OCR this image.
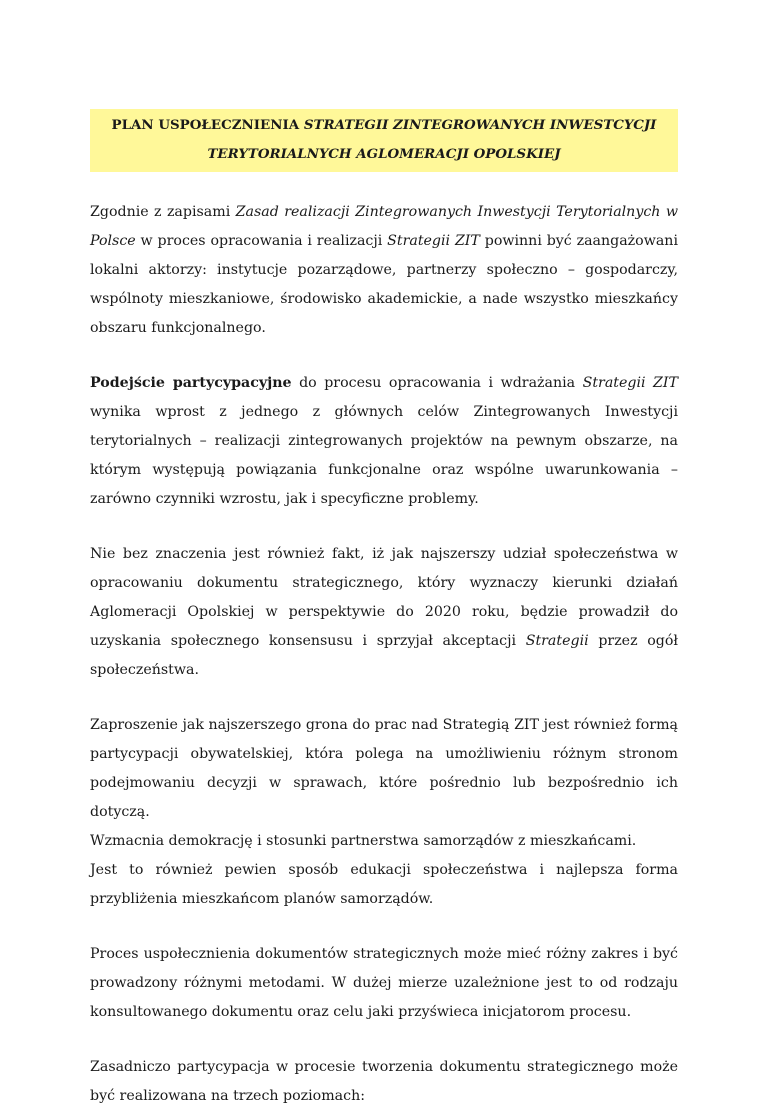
PLAN USPOŁECZNIENIA STRATEGII ZINTEGROWANYCH INWESTCYCJI
TERYTORIALNYCH AGLOMERACJI OPOLSKIEJ

Zgodnie z zapisami Zasad realizacji Zintegrowanych Inwestycji Terytorialnych w Polsce w proces opracowania i realizacji Strategii ZIT powinni być zaangażowani lokalni aktorzy: instytucje pozarządowe, partnerzy społeczno – gospodarczy, wspólnoty mieszkaniowe, środowisko akademickie, a nade wszystko mieszkańcy obszaru funkcjonalnego.

Podejście partycypacyjne do procesu opracowania i wdrażania Strategii ZIT wynika wprost z jednego z głównych celów Zintegrowanych Inwestycji terytorialnych – realizacji zintegrowanych projektów na pewnym obszarze, na którym występują powiązania funkcjonalne oraz wspólne uwarunkowania – zarówno czynniki wzrostu, jak i specyficzne problemy.

Nie bez znaczenia jest również fakt, iż jak najszerszy udział społeczeństwa w opracowaniu dokumentu strategicznego, który wyznaczy kierunki działań Aglomeracji Opolskiej w perspektywie do 2020 roku, będzie prowadził do uzyskania społecznego konsensusu i sprzyjał akceptacji Strategii przez ogół społeczeństwa.

Zaproszenie jak najszerszego grona do prac nad Strategią ZIT jest również formą partycypacji obywatelskiej, która polega na umożliwieniu różnym stronom podejmowaniu decyzji w sprawach, które pośrednio lub bezpośrednio ich dotyczą.

Wzmacnia demokrację i stosunki partnerstwa samorządów z mieszkańcami.

Jest to również pewien sposób edukacji społeczeństwa i najlepsza forma przybliżenia mieszkańcom planów samorządów.

Proces uspołecznienia dokumentów strategicznych może mieć różny zakres i być prowadzony różnymi metodami. W dużej mierze uzależnione jest to od rodzaju konsultowanego dokumentu oraz celu jaki przyświeca inicjatorom procesu.

Zasadniczo partycypacja w procesie tworzenia dokumentu strategicznego może być realizowana na trzech poziomach:
